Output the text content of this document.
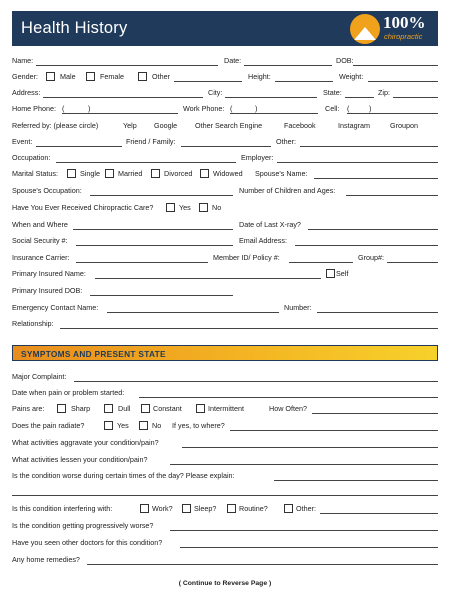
Health History	100%
chiropractic
Name:	Date:	DOB:
Gender:	Male	Female	Other	Height:	Weight:
Address:	City:	State:	Zip:
Home Phone: (	)	Work Phone: (	)	Cell: (	)
Referred by: (please circle)	Yelp Google Other Search Engine	Facebook	Instagram	Groupon
Event:	Friend / Family:	Other:
Occupation:	Employer:
Marital Status:	Single	Married	Divorced	Widowed Spouse's Name:
Spouse's Occupation:	Number of Children and Ages:
Have You Ever Received Chiropractic Care?	Yes	No
When and Where	Date of Last X-ray?
Social Security #:	Email Address:
Insurance Carrier:	Member ID/ Policy #:	Group#:
Primary Insured Name:	Self
Primary Insured DOB:
Emergency Contact Name:	Number:
Relationship:
SYMPTOMS AND PRESENT STATE
Major Complaint:
Date when pain or problem started:
Pains are:	Sharp	Dull	Constant	Intermittent	How Often?
Does the pain radiate?	Yes	No If yes, to where?
What activities aggravate your condition/pain?
What activities lessen your condition/pain?
Is the condition worse during certain times of the day? Please explain:
Is this condition interfering with:	Work?	Sleep?	Routine?	Other:
Is the condition getting progressively worse?
Have you seen other doctors for this condition?
Any home remedies?
( Continue to Reverse Page )
